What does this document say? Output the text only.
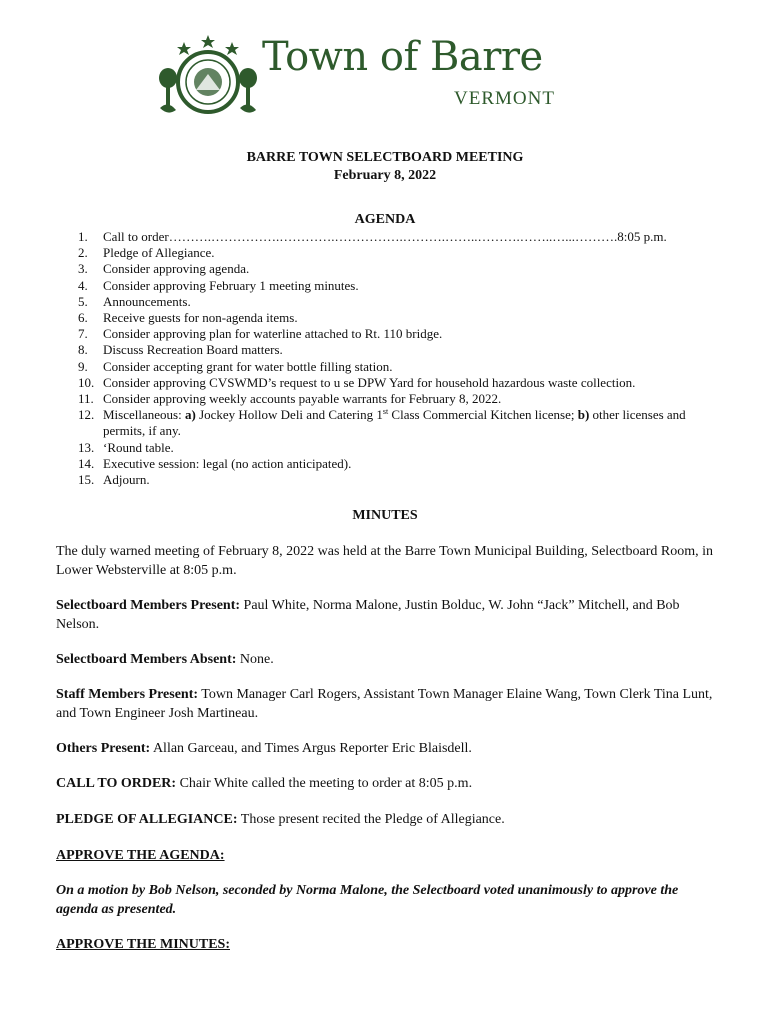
Town of Barre
VERMONT
BARRE TOWN SELECTBOARD MEETING
February 8, 2022
AGENDA
1.	Call to order……….…………….………….…………….……….……..……….……..…...……….8:05 p.m.
2.	Pledge of Allegiance.
3.	Consider approving agenda.
4.	Consider approving February 1 meeting minutes.
5.	Announcements.
6.	Receive guests for non-agenda items.
7.	Consider approving plan for waterline attached to Rt. 110 bridge.
8.	Discuss Recreation Board matters.
9.	Consider accepting grant for water bottle filling station.
10. Consider approving CVSWMD’s request to u se DPW Yard for household hazardous waste collection.
11. Consider approving weekly accounts payable warrants for February 8, 2022.
12. Miscellaneous: a) Jockey Hollow Deli and Catering 1st Class Commercial Kitchen license; b) other licenses and permits, if any.
13. ‘Round table.
14. Executive session: legal (no action anticipated).
15. Adjourn.
MINUTES
The duly warned meeting of February 8, 2022 was held at the Barre Town Municipal Building, Selectboard Room, in Lower Websterville at 8:05 p.m.
Selectboard Members Present: Paul White, Norma Malone, Justin Bolduc, W. John “Jack” Mitchell, and Bob Nelson.
Selectboard Members Absent: None.
Staff Members Present: Town Manager Carl Rogers, Assistant Town Manager Elaine Wang, Town Clerk Tina Lunt, and Town Engineer Josh Martineau.
Others Present: Allan Garceau, and Times Argus Reporter Eric Blaisdell.
CALL TO ORDER: Chair White called the meeting to order at 8:05 p.m.
PLEDGE OF ALLEGIANCE: Those present recited the Pledge of Allegiance.
APPROVE THE AGENDA:
On a motion by Bob Nelson, seconded by Norma Malone, the Selectboard voted unanimously to approve the agenda as presented.
APPROVE THE MINUTES:
